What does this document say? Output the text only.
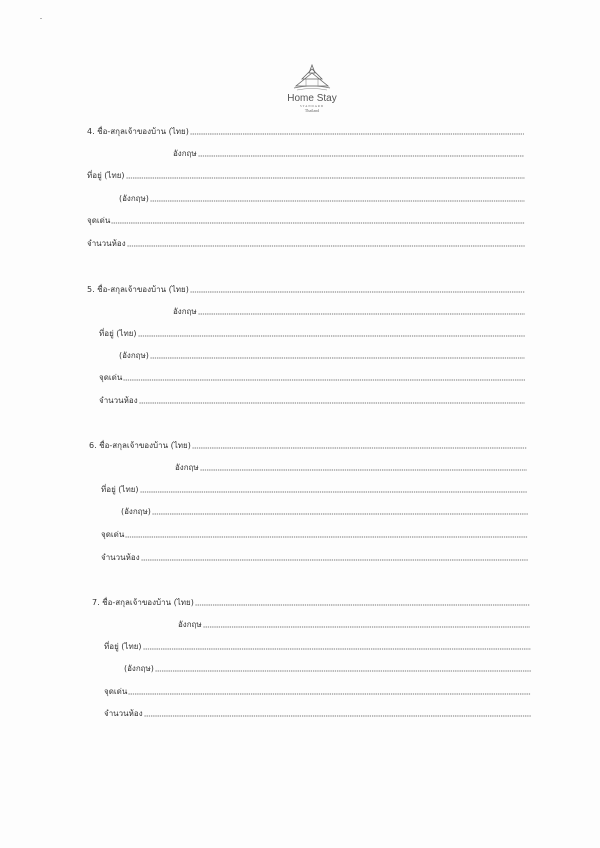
Home Stay
STANDARD
Thailand
4. ชื่อ-สกุลเจ้าของบ้าน (ไทย)
อังกฤษ
ที่อยู่ (ไทย)
(อังกฤษ)
จุดเด่น
จำนวนห้อง
5. ชื่อ-สกุลเจ้าของบ้าน (ไทย)
อังกฤษ
ที่อยู่ (ไทย)
(อังกฤษ)
จุดเด่น
จำนวนห้อง
6. ชื่อ-สกุลเจ้าของบ้าน (ไทย)
อังกฤษ
ที่อยู่ (ไทย)
(อังกฤษ)
จุดเด่น
จำนวนห้อง
7. ชื่อ-สกุลเจ้าของบ้าน (ไทย)
อังกฤษ
ที่อยู่ (ไทย)
(อังกฤษ)
จุดเด่น
จำนวนห้อง
